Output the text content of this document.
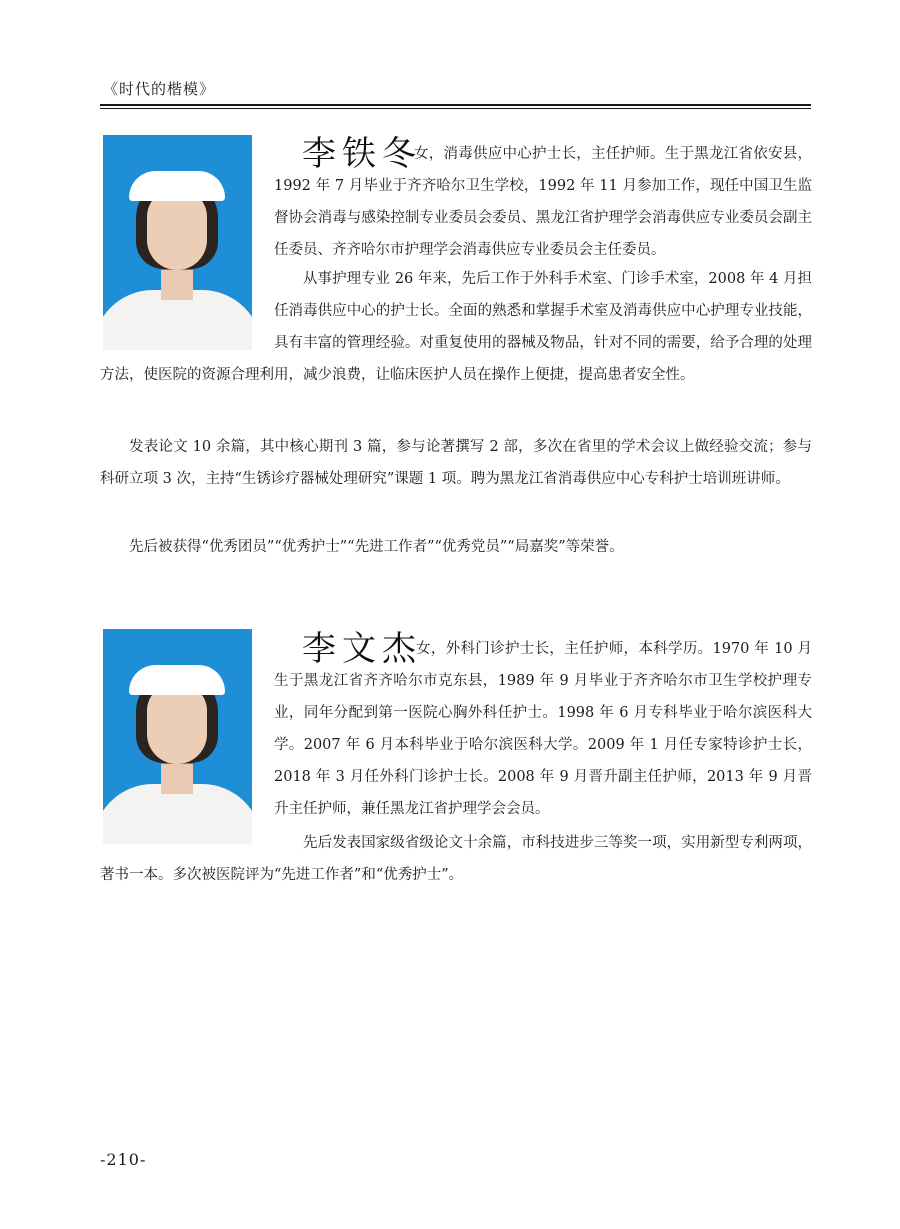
《时代的楷模》
李铁冬
女，消毒供应中心护士长，主任护师。生于黑龙江省依安县，1992 年 7 月毕业于齐齐哈尔卫生学校，1992 年 11 月参加工作，现任中国卫生监督协会消毒与感染控制专业委员会委员、黑龙江省护理学会消毒供应专业委员会副主任委员、齐齐哈尔市护理学会消毒供应专业委员会主任委员。
从事护理专业 26 年来，先后工作于外科手术室、门诊手术室，2008 年 4 月担任消毒供应中心的护士长。全面的熟悉和掌握手术室及消毒供应中心护理专业技能，具有丰富的管理经验。对重复使用的器械及物品，针对不同的需要，给予合理的处理方法，使医院的资源合理利用，减少浪费，让临床医护人员在操作上便捷，提高患者安全性。
发表论文 10 余篇，其中核心期刊 3 篇，参与论著撰写 2 部，多次在省里的学术会议上做经验交流；参与科研立项 3 次，主持“生锈诊疗器械处理研究”课题 1 项。聘为黑龙江省消毒供应中心专科护士培训班讲师。
先后被获得“优秀团员”“优秀护士”“先进工作者”“优秀党员”“局嘉奖”等荣誉。
李文杰
女，外科门诊护士长，主任护师，本科学历。1970 年 10 月生于黑龙江省齐齐哈尔市克东县，1989 年 9 月毕业于齐齐哈尔市卫生学校护理专业，同年分配到第一医院心胸外科任护士。1998 年 6 月专科毕业于哈尔滨医科大学。2007 年 6 月本科毕业于哈尔滨医科大学。2009 年 1 月任专家特诊护士长，2018 年 3 月任外科门诊护士长。2008 年 9 月晋升副主任护师，2013 年 9 月晋升主任护师，兼任黑龙江省护理学会会员。
先后发表国家级省级论文十余篇，市科技进步三等奖一项，实用新型专利两项，著书一本。多次被医院评为“先进工作者”和“优秀护士”。
-210-
